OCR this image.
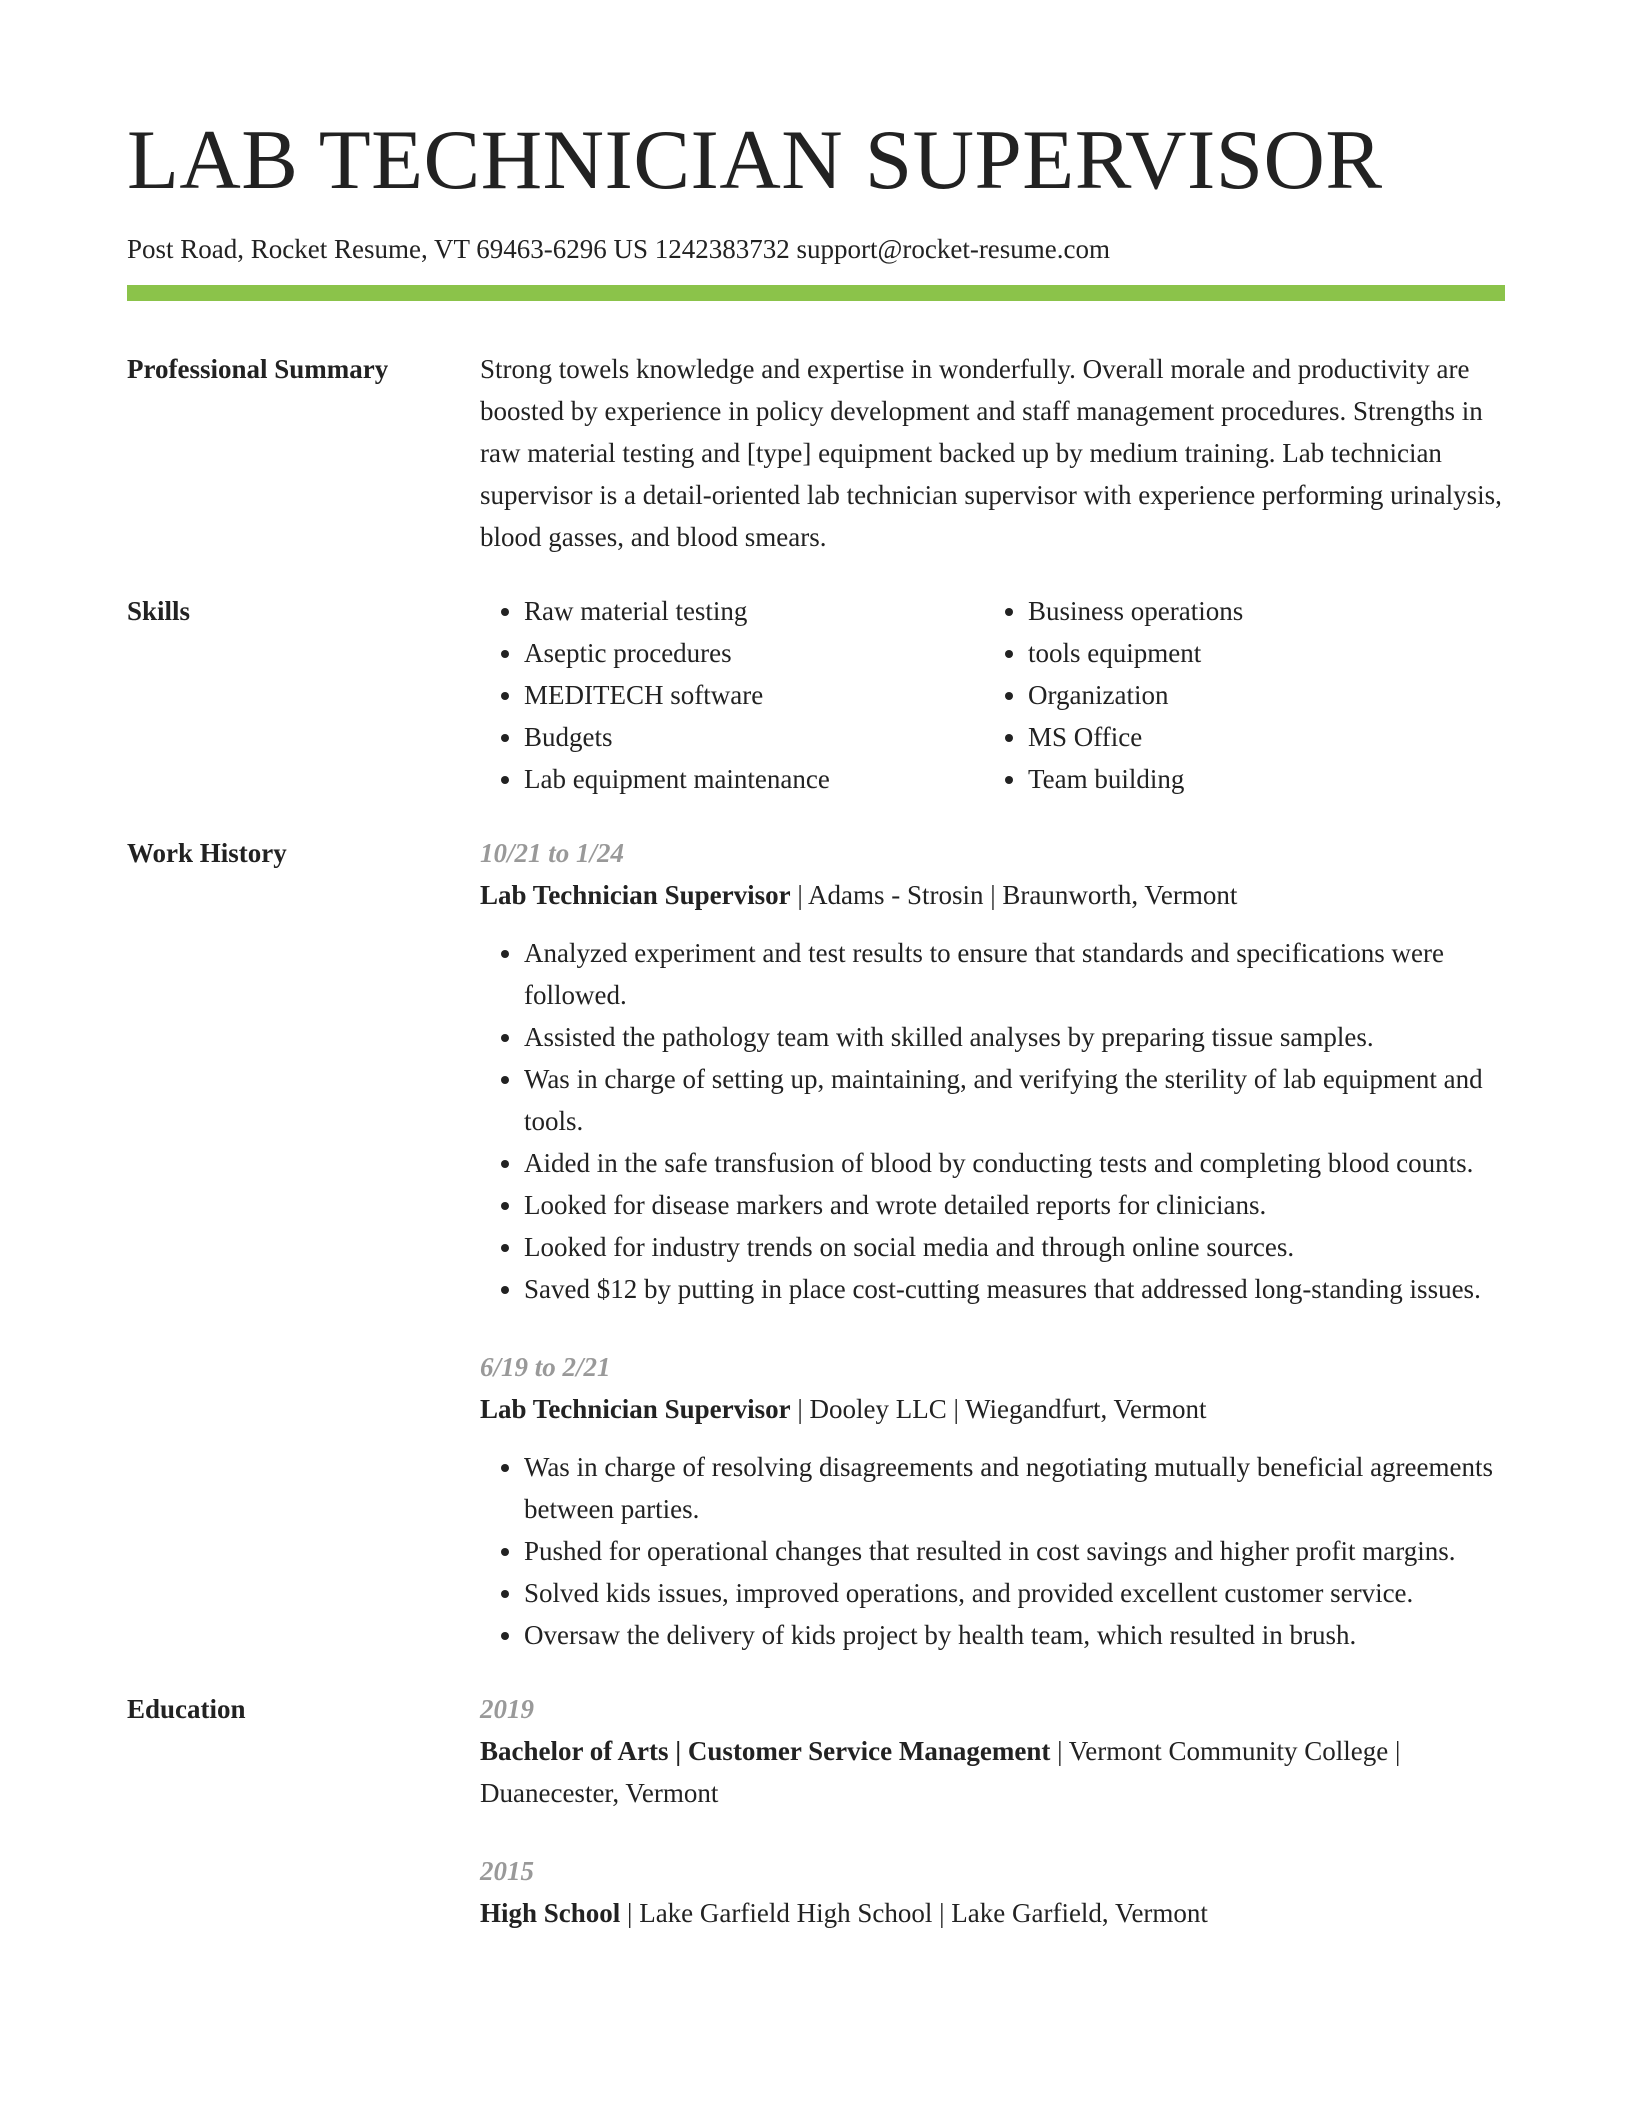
LAB TECHNICIAN SUPERVISOR
Post Road, Rocket Resume, VT 69463-6296 US 1242383732 support@rocket-resume.com
Professional Summary	Strong towels knowledge and expertise in wonderfully. Overall morale and productivity are boosted by experience in policy development and staff management procedures. Strengths in raw material testing and [type] equipment backed up by medium training. Lab technician supervisor is a detail-oriented lab technician supervisor with experience performing urinalysis, blood gasses, and blood smears.
Skills
•	Raw material testing
• Aseptic procedures
• MEDITECH software
• Budgets
• Lab equipment maintenance
• Business operations
• tools equipment
• Organization
• MS Office
• Team building
Work History	10/21 to 1/24
Lab Technician Supervisor | Adams - Strosin | Braunworth, Vermont
• Analyzed experiment and test results to ensure that standards and specifications were followed.
• Assisted the pathology team with skilled analyses by preparing tissue samples.
• Was in charge of setting up, maintaining, and verifying the sterility of lab equipment and tools.
• Aided in the safe transfusion of blood by conducting tests and completing blood counts.
• Looked for disease markers and wrote detailed reports for clinicians.
• Looked for industry trends on social media and through online sources.
• Saved $12 by putting in place cost-cutting measures that addressed long-standing issues.
6/19 to 2/21
Lab Technician Supervisor | Dooley LLC | Wiegandfurt, Vermont
• Was in charge of resolving disagreements and negotiating mutually beneficial agreements between parties.
• Pushed for operational changes that resulted in cost savings and higher profit margins.
• Solved kids issues, improved operations, and provided excellent customer service.
• Oversaw the delivery of kids project by health team, which resulted in brush.
Education	2019
Bachelor of Arts | Customer Service Management | Vermont Community College | Duanecester, Vermont
2015
High School | Lake Garfield High School | Lake Garfield, Vermont
